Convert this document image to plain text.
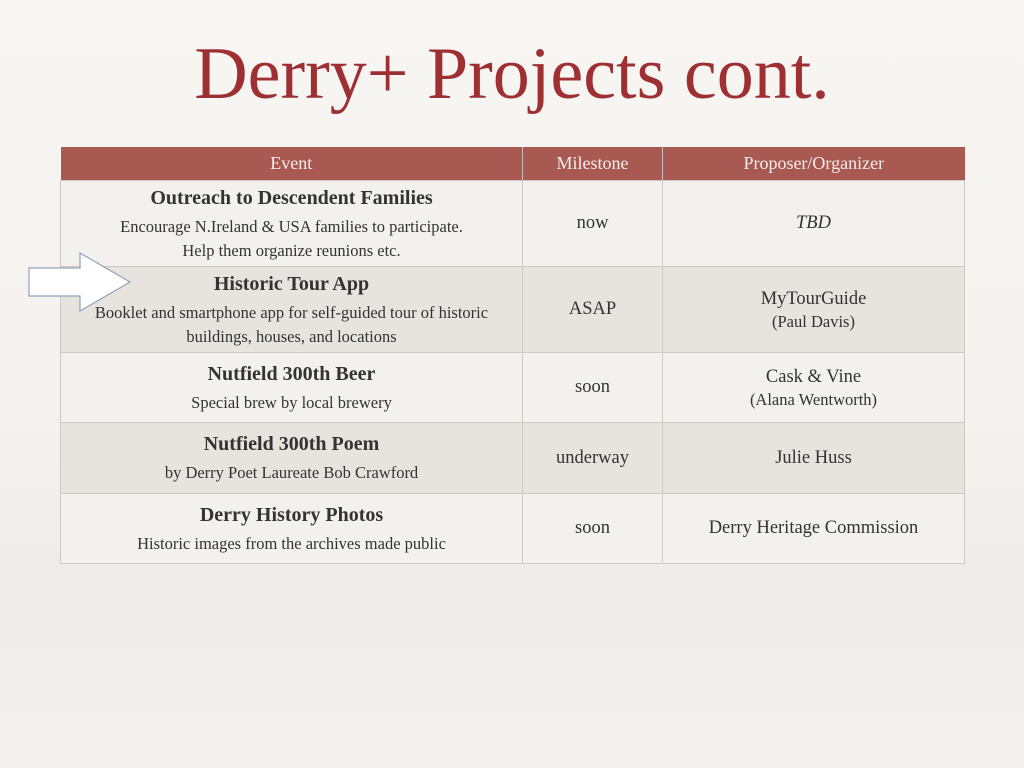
Derry+ Projects cont.
Event	Milestone	Proposer/Organizer

Outreach to Descendent Families
Encourage N.Ireland & USA families to participate.
Help them organize reunions etc.	now	TBD

Historic Tour App
Booklet and smartphone app for self-guided tour of historic
buildings, houses, and locations	ASAP	MyTourGuide
(Paul Davis)

Nutfield 300th Beer
Special brew by local brewery	soon	Cask & Vine
(Alana Wentworth)

Nutfield 300th Poem
by Derry Poet Laureate Bob Crawford	underway	Julie Huss

Derry History Photos
Historic images from the archives made public	soon	Derry Heritage Commission
